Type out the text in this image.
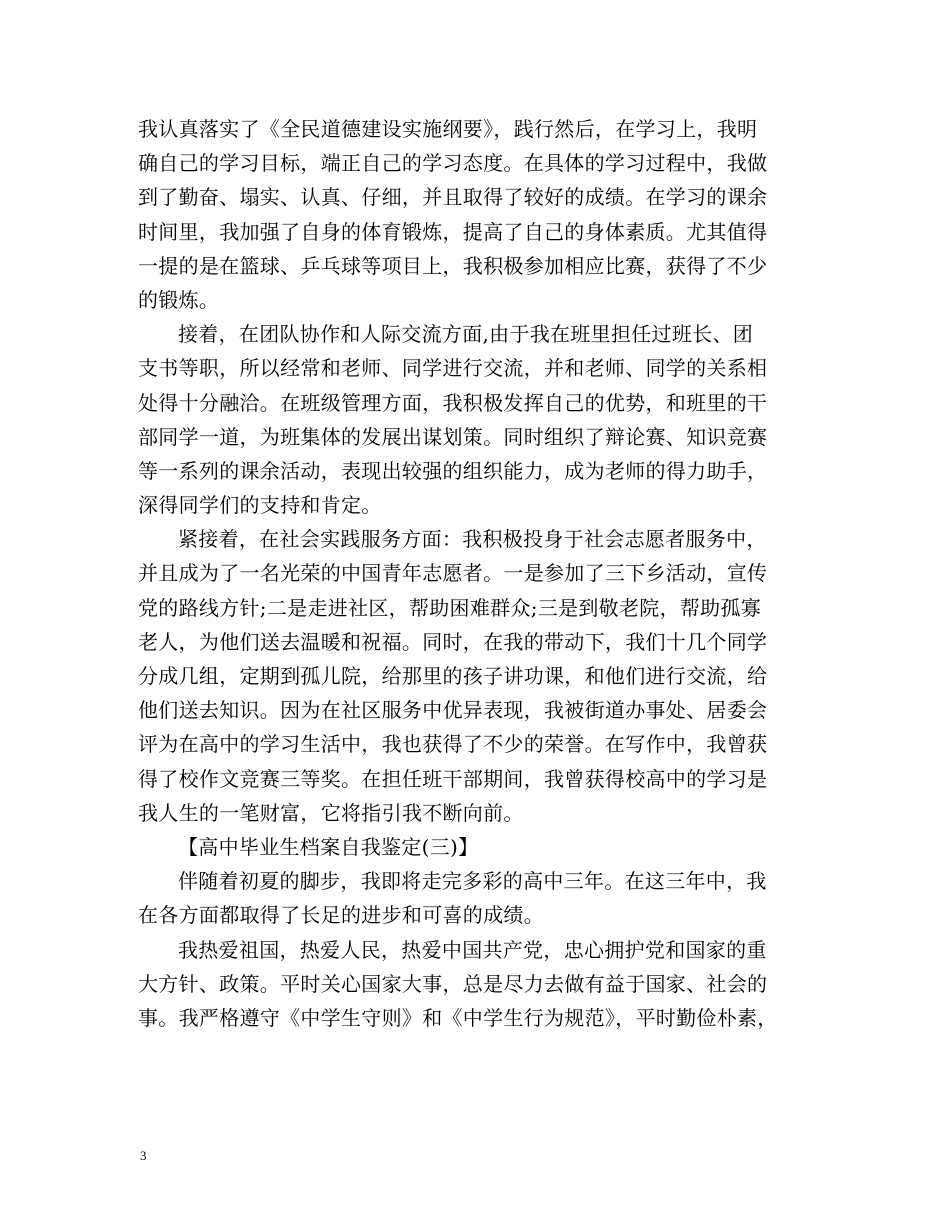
我认真落实了《全民道德建设实施纲要》，践行然后，在学习上，我明
确自己的学习目标，端正自己的学习态度。在具体的学习过程中，我做
到了勤奋、塌实、认真、仔细，并且取得了较好的成绩。在学习的课余
时间里，我加强了自身的体育锻炼，提高了自己的身体素质。尤其值得
一提的是在篮球、乒乓球等项目上，我积极参加相应比赛，获得了不少
的锻炼。
接着，在团队协作和人际交流方面,由于我在班里担任过班长、团
支书等职，所以经常和老师、同学进行交流，并和老师、同学的关系相
处得十分融洽。在班级管理方面，我积极发挥自己的优势，和班里的干
部同学一道，为班集体的发展出谋划策。同时组织了辩论赛、知识竞赛
等一系列的课余活动，表现出较强的组织能力，成为老师的得力助手，
深得同学们的支持和肯定。
紧接着，在社会实践服务方面：我积极投身于社会志愿者服务中，
并且成为了一名光荣的中国青年志愿者。一是参加了三下乡活动，宣传
党的路线方针;二是走进社区，帮助困难群众;三是到敬老院，帮助孤寡
老人，为他们送去温暖和祝福。同时，在我的带动下，我们十几个同学
分成几组，定期到孤儿院，给那里的孩子讲功课，和他们进行交流，给
他们送去知识。因为在社区服务中优异表现，我被街道办事处、居委会
评为在高中的学习生活中，我也获得了不少的荣誉。在写作中，我曾获
得了校作文竞赛三等奖。在担任班干部期间，我曾获得校高中的学习是
我人生的一笔财富，它将指引我不断向前。
【高中毕业生档案自我鉴定(三)】
伴随着初夏的脚步，我即将走完多彩的高中三年。在这三年中，我
在各方面都取得了长足的进步和可喜的成绩。
我热爱祖国，热爱人民，热爱中国共产党，忠心拥护党和国家的重
大方针、政策。平时关心国家大事，总是尽力去做有益于国家、社会的
事。我严格遵守《中学生守则》和《中学生行为规范》，平时勤俭朴素，
3
